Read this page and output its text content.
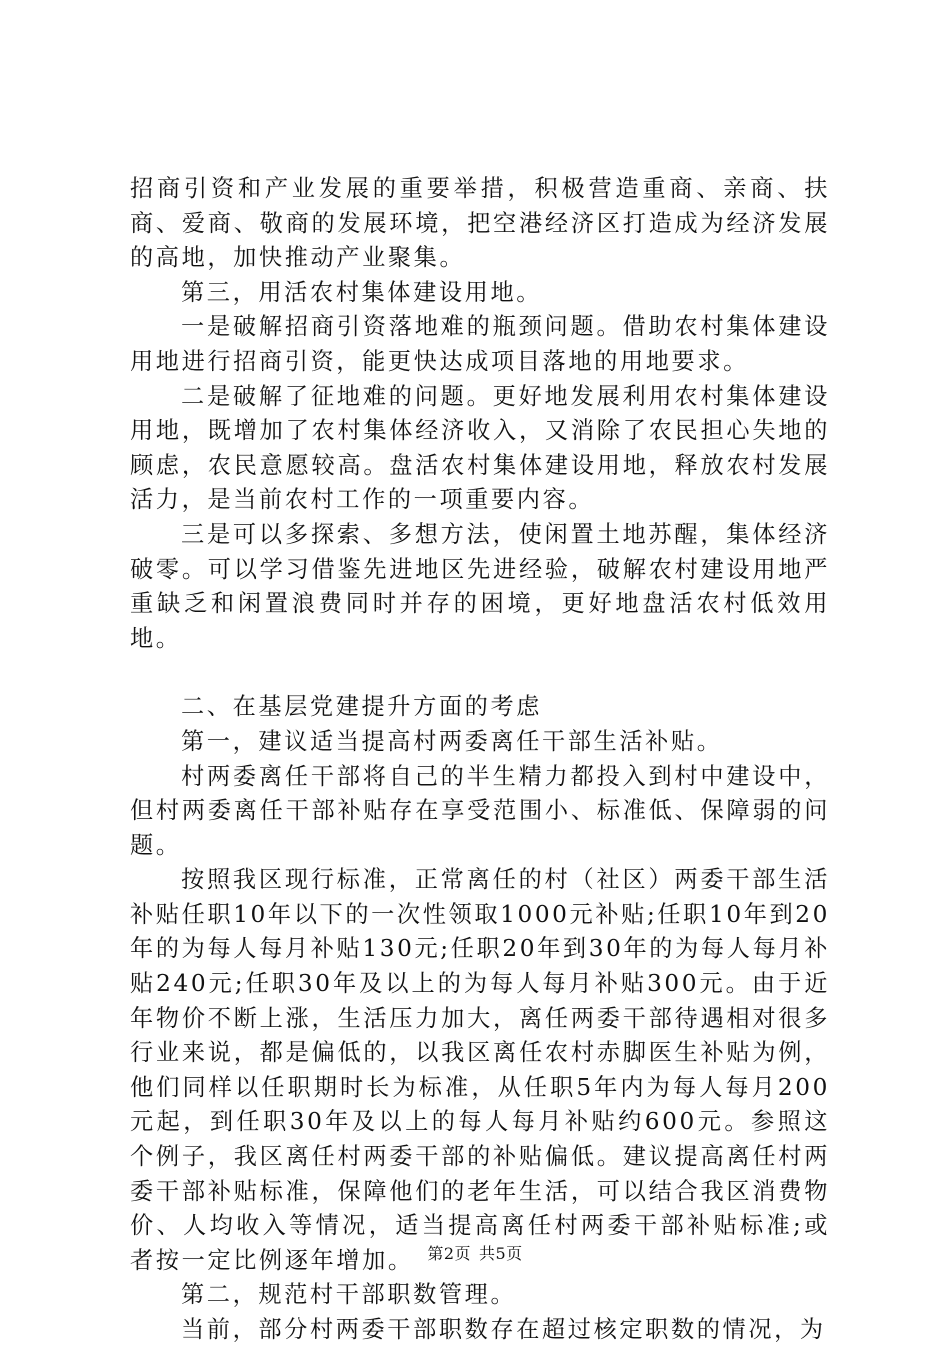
招商引资和产业发展的重要举措，积极营造重商、亲商、扶商、爱商、敬商的发展环境，把空港经济区打造成为经济发展的高地，加快推动产业聚集。

第三，用活农村集体建设用地。

一是破解招商引资落地难的瓶颈问题。借助农村集体建设用地进行招商引资，能更快达成项目落地的用地要求。

二是破解了征地难的问题。更好地发展利用农村集体建设用地，既增加了农村集体经济收入，又消除了农民担心失地的顾虑，农民意愿较高。盘活农村集体建设用地，释放农村发展活力，是当前农村工作的一项重要内容。

三是可以多探索、多想方法，使闲置土地苏醒，集体经济破零。可以学习借鉴先进地区先进经验，破解农村建设用地严重缺乏和闲置浪费同时并存的困境，更好地盘活农村低效用地。

二、在基层党建提升方面的考虑

第一，建议适当提高村两委离任干部生活补贴。

村两委离任干部将自己的半生精力都投入到村中建设中，但村两委离任干部补贴存在享受范围小、标准低、保障弱的问题。

按照我区现行标准，正常离任的村（社区）两委干部生活补贴任职10年以下的一次性领取1000元补贴;任职10年到20年的为每人每月补贴130元;任职20年到30年的为每人每月补贴240元;任职30年及以上的为每人每月补贴300元。由于近年物价不断上涨，生活压力加大，离任两委干部待遇相对很多行业来说，都是偏低的，以我区离任农村赤脚医生补贴为例，他们同样以任职期时长为标准，从任职5年内为每人每月200元起，到任职30年及以上的每人每月补贴约600元。参照这个例子，我区离任村两委干部的补贴偏低。建议提高离任村两委干部补贴标准，保障他们的老年生活，可以结合我区消费物价、人均收入等情况，适当提高离任村两委干部补贴标准;或者按一定比例逐年增加。

第二，规范村干部职数管理。

当前，部分村两委干部职数存在超过核定职数的情况，为

第2页 共5页
